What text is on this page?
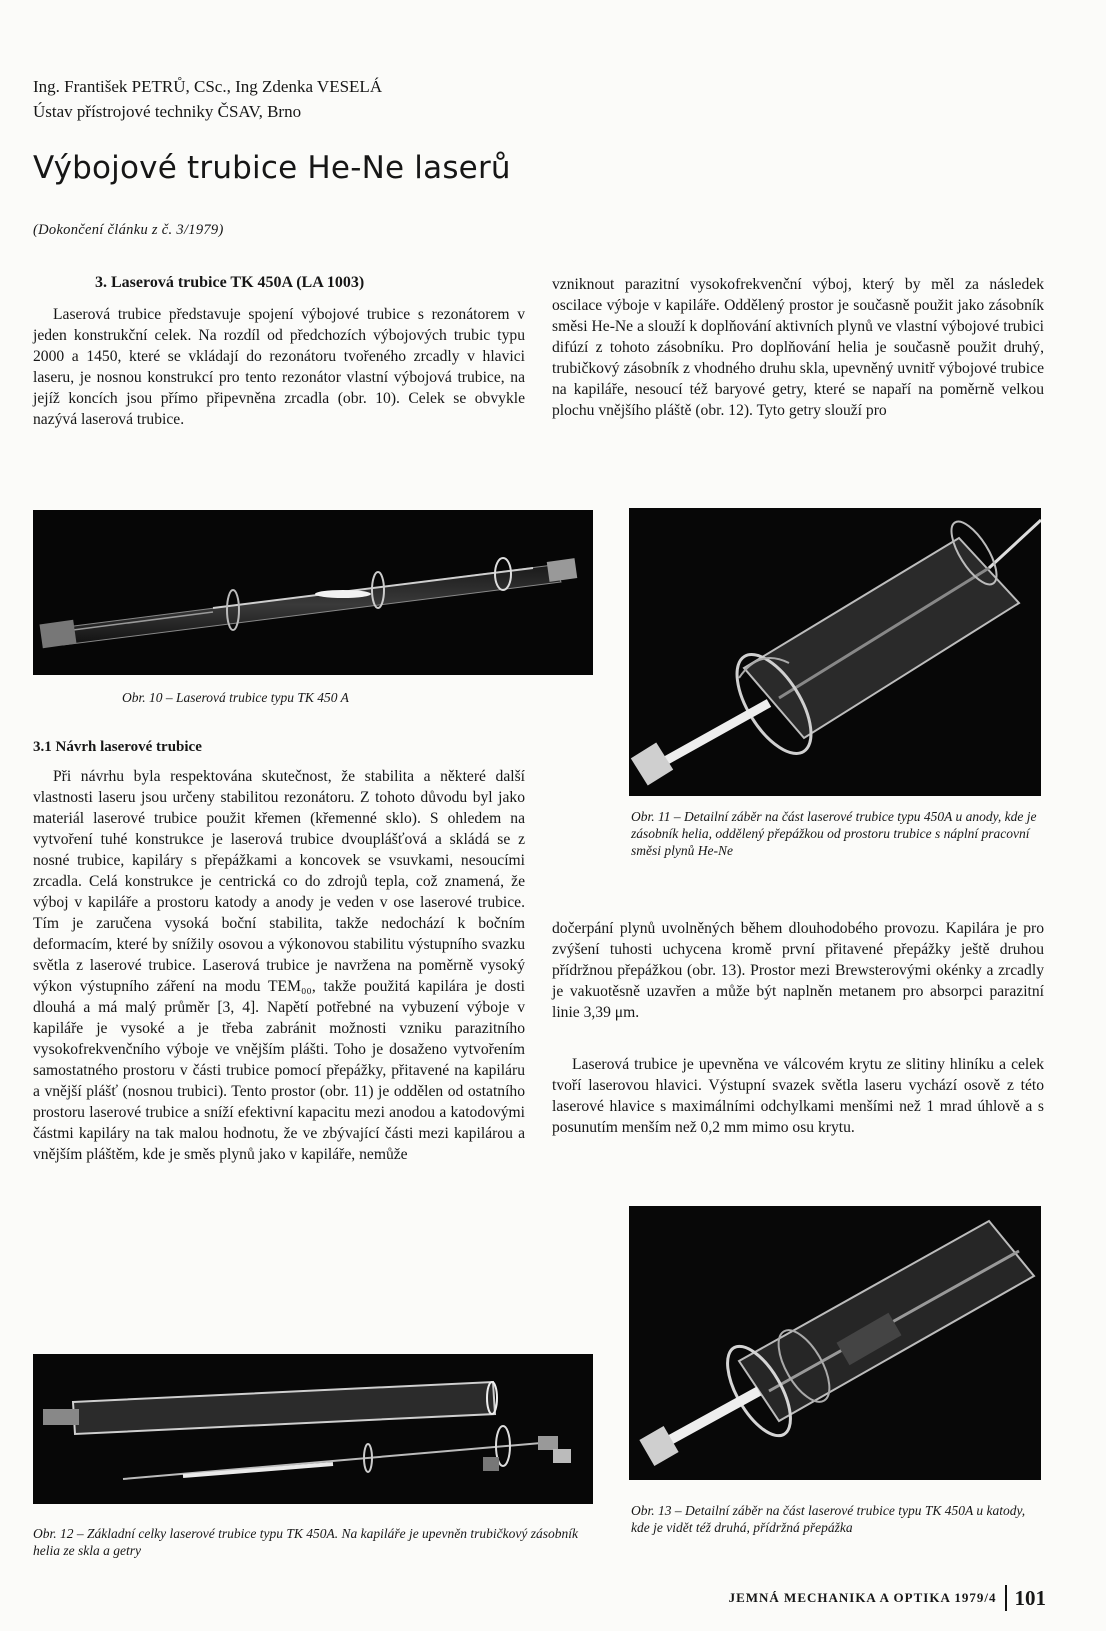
Ing. František PETRŮ, CSc., Ing Zdenka VESELÁ
Ústav přístrojové techniky ČSAV, Brno
Výbojové trubice He-Ne laserů
(Dokončení článku z č. 3/1979)
3. Laserová trubice TK 450A (LA 1003)

Laserová trubice představuje spojení výbojové trubice s rezonátorem v jeden konstrukční celek. Na rozdíl od předchozích výbojových trubic typu 2000 a 1450, které se vkládají do rezonátoru tvořeného zrcadly v hlavici laseru, je nosnou konstrukcí pro tento rezonátor vlastní výbojová trubice, na jejíž koncích jsou přímo připevněna zrcadla (obr. 10). Celek se obvykle nazývá laserová trubice.

vzniknout parazitní vysokofrekvenční výboj, který by měl za následek oscilace výboje v kapiláře. Oddělený prostor je současně použit jako zásobník směsi He-Ne a slouží k doplňování aktivních plynů ve vlastní výbojové trubici difúzí z tohoto zásobníku. Pro doplňování helia je současně použit druhý, trubičkový zásobník z vhodného druhu skla, upevněný uvnitř výbojové trubice na kapiláře, nesoucí též baryové getry, které se napaří na poměrně velkou plochu vnějšího pláště (obr. 12). Tyto getry slouží pro

Obr. 10 – Laserová trubice typu TK 450 A
Obr. 11 – Detailní záběr na část laserové trubice typu 450A u anody, kde je zásobník helia, oddělený přepážkou od prostoru trubice s náplní pracovní směsi plynů He-Ne
3.1 Návrh laserové trubice

Při návrhu byla respektována skutečnost, že stabilita a některé další vlastnosti laseru jsou určeny stabilitou rezonátoru. Z tohoto důvodu byl jako materiál laserové trubice použit křemen (křemenné sklo). S ohledem na vytvoření tuhé konstrukce je laserová trubice dvouplášťová a skládá se z nosné trubice, kapiláry s přepážkami a koncovek se vsuvkami, nesoucími zrcadla. Celá konstrukce je centrická co do zdrojů tepla, což znamená, že výboj v kapiláře a prostoru katody a anody je veden v ose laserové trubice. Tím je zaručena vysoká boční stabilita, takže nedochází k bočním deformacím, které by snížily osovou a výkonovou stabilitu výstupního svazku světla z laserové trubice. Laserová trubice je navržena na poměrně vysoký výkon výstupního záření na modu TEM₀₀, takže použitá kapilára je dosti dlouhá a má malý průměr [3, 4]. Napětí potřebné na vybuzení výboje v kapiláře je vysoké a je třeba zabránit možnosti vzniku parazitního vysokofrekvenčního výboje ve vnějším plášti. Toho je dosaženo vytvořením samostatného prostoru v části trubice pomocí přepážky, přitavené na kapiláru a vnější plášť (nosnou trubici). Tento prostor (obr. 11) je oddělen od ostatního prostoru laserové trubice a sníží efektivní kapacitu mezi anodou a katodovými částmi kapiláry na tak malou hodnotu, že ve zbývající části mezi kapilárou a vnějším pláštěm, kde je směs plynů jako v kapiláře, nemůže

dočerpání plynů uvolněných během dlouhodobého provozu. Kapilára je pro zvýšení tuhosti uchycena kromě první přitavené přepážky ještě druhou přídržnou přepážkou (obr. 13). Prostor mezi Brewsterovými okénky a zrcadly je vakuotěsně uzavřen a může být naplněn metanem pro absorpci parazitní linie 3,39 μm.

Laserová trubice je upevněna ve válcovém krytu ze slitiny hliníku a celek tvoří laserovou hlavici. Výstupní svazek světla laseru vychází osově z této laserové hlavice s maximálními odchylkami menšími než 1 mrad úhlově a s posunutím menším než 0,2 mm mimo osu krytu.

Obr. 13 – Detailní záběr na část laserové trubice typu TK 450A u katody, kde je vidět též druhá, přídržná přepážka
Obr. 12 – Základní celky laserové trubice typu TK 450A. Na kapiláře je upevněn trubičkový zásobník helia ze skla a getry
JEMNÁ MECHANIKA A OPTIKA 1979/4 101
